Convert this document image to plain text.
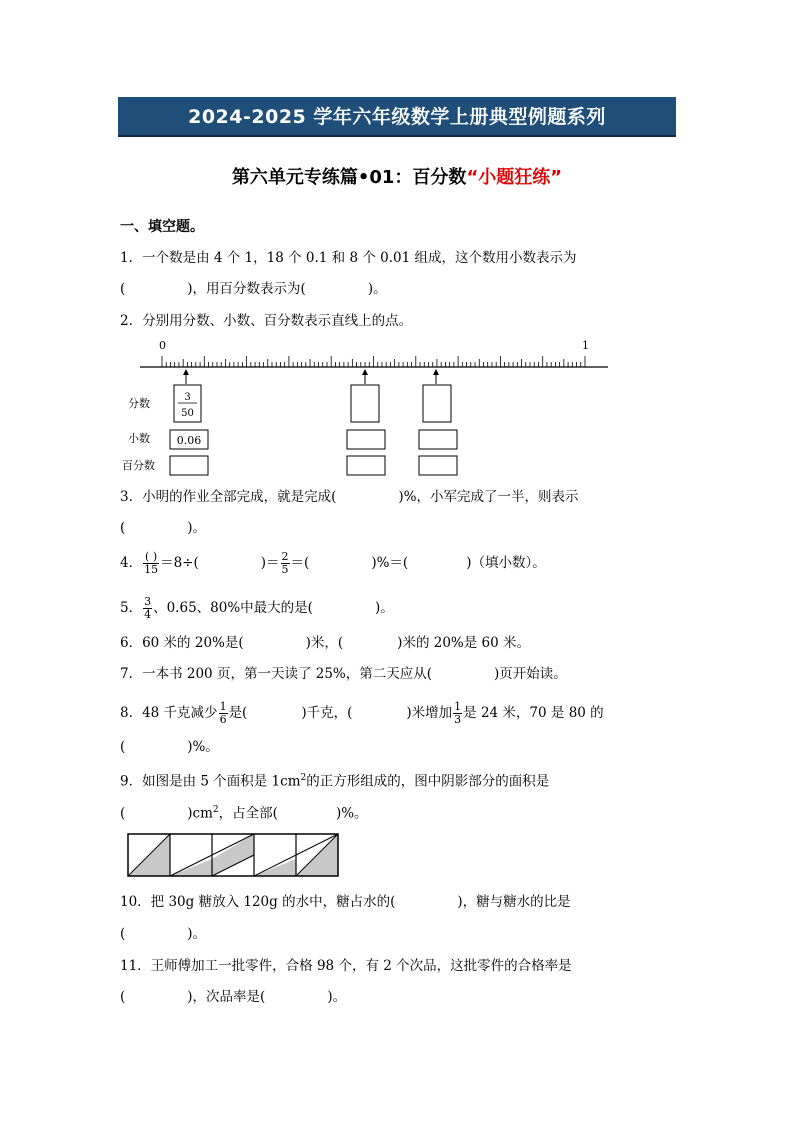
2024-2025 学年六年级数学上册典型例题系列
第六单元专练篇•01：百分数“小题狂练”
一、填空题。
1．一个数是由 4 个 1，18 个 0.1 和 8 个 0.01 组成，这个数用小数表示为
(	)，用百分数表示为(	)。
2．分别用分数、小数、百分数表示直线上的点。
0	1
分数
小数
百分数
3
50
0.06
3．小明的作业全部完成，就是完成(	)%，小军完成了一半，则表示
(	)。
4． $\frac{( )}{15} =8\div$(	)＝ $\frac{2}{5}$ ＝(	)%＝(	)（填小数）。
5． $\frac{3}{4}$ 、0.65、80%中最大的是(	)。
6．60 米的 20%是(	)米，(	)米的 20%是 60 米。
7．一本书 200 页，第一天读了 25%，第二天应从(	)页开始读。
8．48 千克减少 $\frac{1}{6}$ 是(	)千克，(	)米增加 $\frac{1}{3}$ 是 24 米，70 是 80 的
(	)%。
9．如图是由 5 个面积是 $1cm^2$的正方形组成的，图中阴影部分的面积是
(	)$cm^2$，占全部(	)%。
10．把 30g 糖放入 120g 的水中，糖占水的(	)，糖与糖水的比是
(	)。
11．王师傅加工一批零件，合格 98 个，有 2 个次品，这批零件的合格率是
(	)，次品率是(	)。
